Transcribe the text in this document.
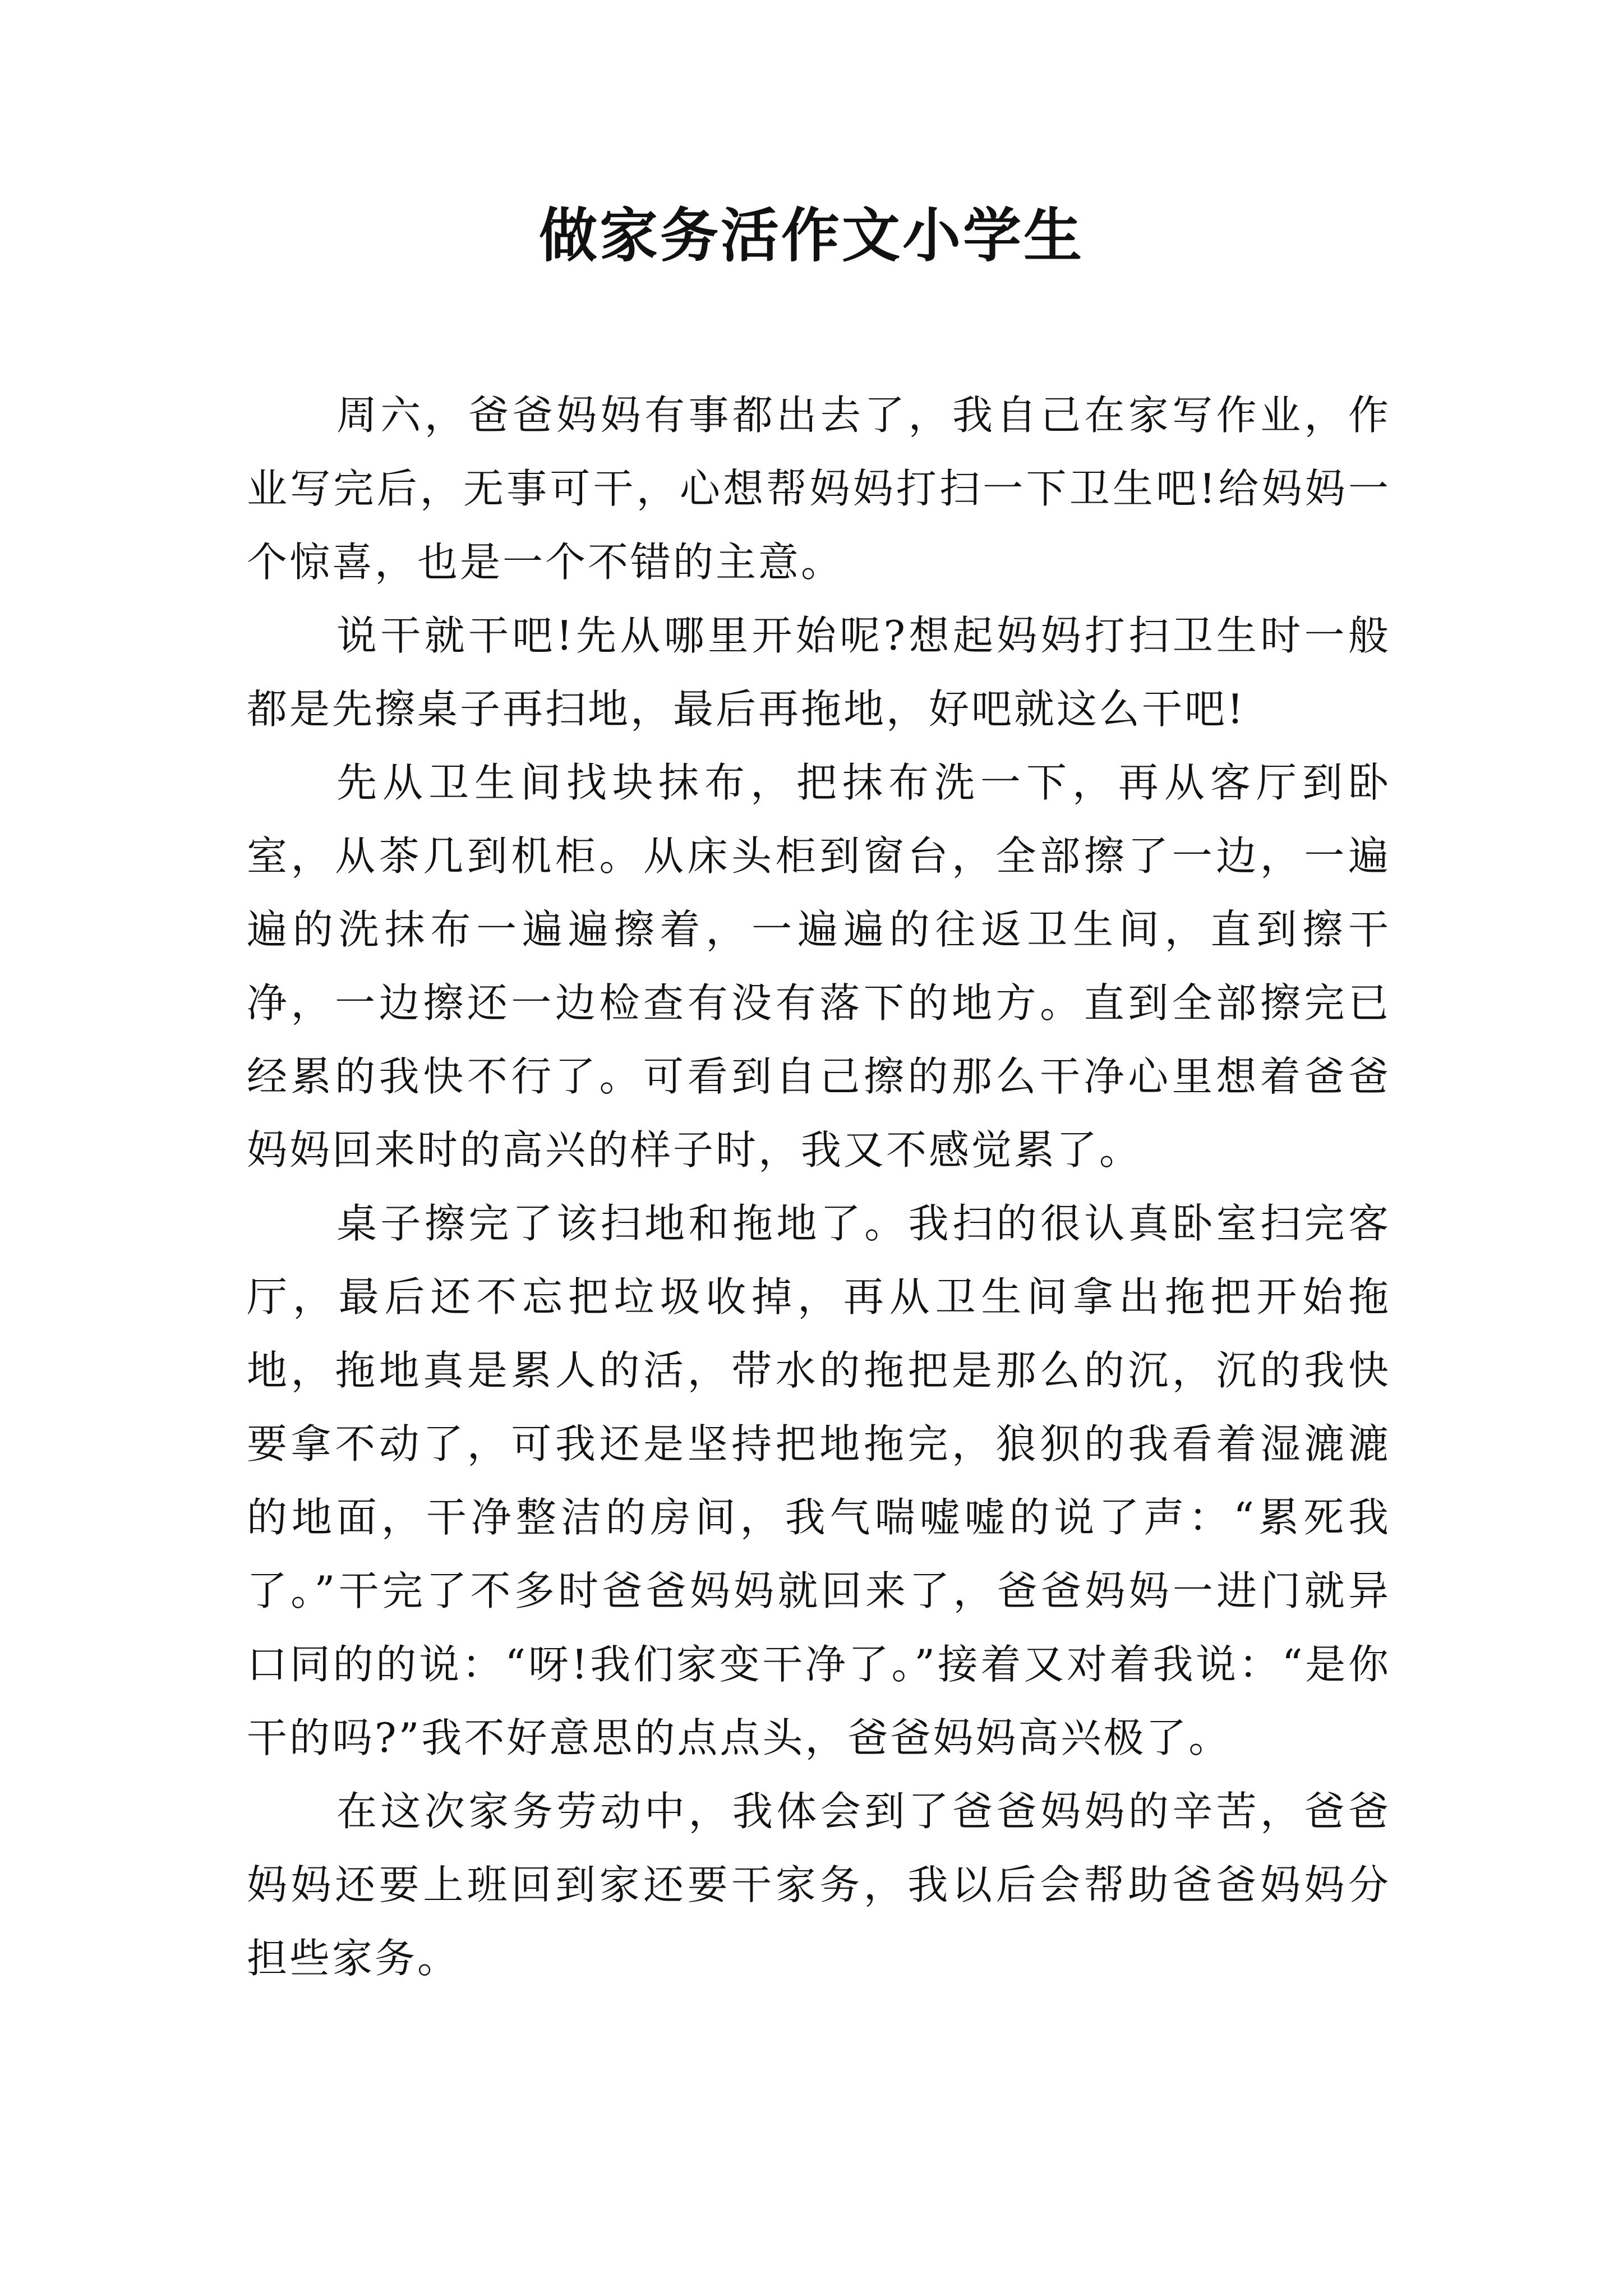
做家务活作文小学生

周六，爸爸妈妈有事都出去了，我自己在家写作业，作业写完后，无事可干，心想帮妈妈打扫一下卫生吧!给妈妈一个惊喜，也是一个不错的主意。

说干就干吧!先从哪里开始呢?想起妈妈打扫卫生时一般都是先擦桌子再扫地，最后再拖地，好吧就这么干吧!

先从卫生间找块抹布，把抹布洗一下，再从客厅到卧室，从茶几到机柜。从床头柜到窗台，全部擦了一边，一遍遍的洗抹布一遍遍擦着，一遍遍的往返卫生间，直到擦干净，一边擦还一边检查有没有落下的地方。直到全部擦完已经累的我快不行了。可看到自己擦的那么干净心里想着爸爸妈妈回来时的高兴的样子时，我又不感觉累了。

桌子擦完了该扫地和拖地了。我扫的很认真卧室扫完客厅，最后还不忘把垃圾收掉，再从卫生间拿出拖把开始拖地，拖地真是累人的活，带水的拖把是那么的沉，沉的我快要拿不动了，可我还是坚持把地拖完，狼狈的我看着湿漉漉的地面，干净整洁的房间，我气喘嘘嘘的说了声：“累死我了。”干完了不多时爸爸妈妈就回来了，爸爸妈妈一进门就异口同的的说：“呀!我们家变干净了。”接着又对着我说：“是你干的吗?”我不好意思的点点头，爸爸妈妈高兴极了。

在这次家务劳动中，我体会到了爸爸妈妈的辛苦，爸爸妈妈还要上班回到家还要干家务，我以后会帮助爸爸妈妈分担些家务。
